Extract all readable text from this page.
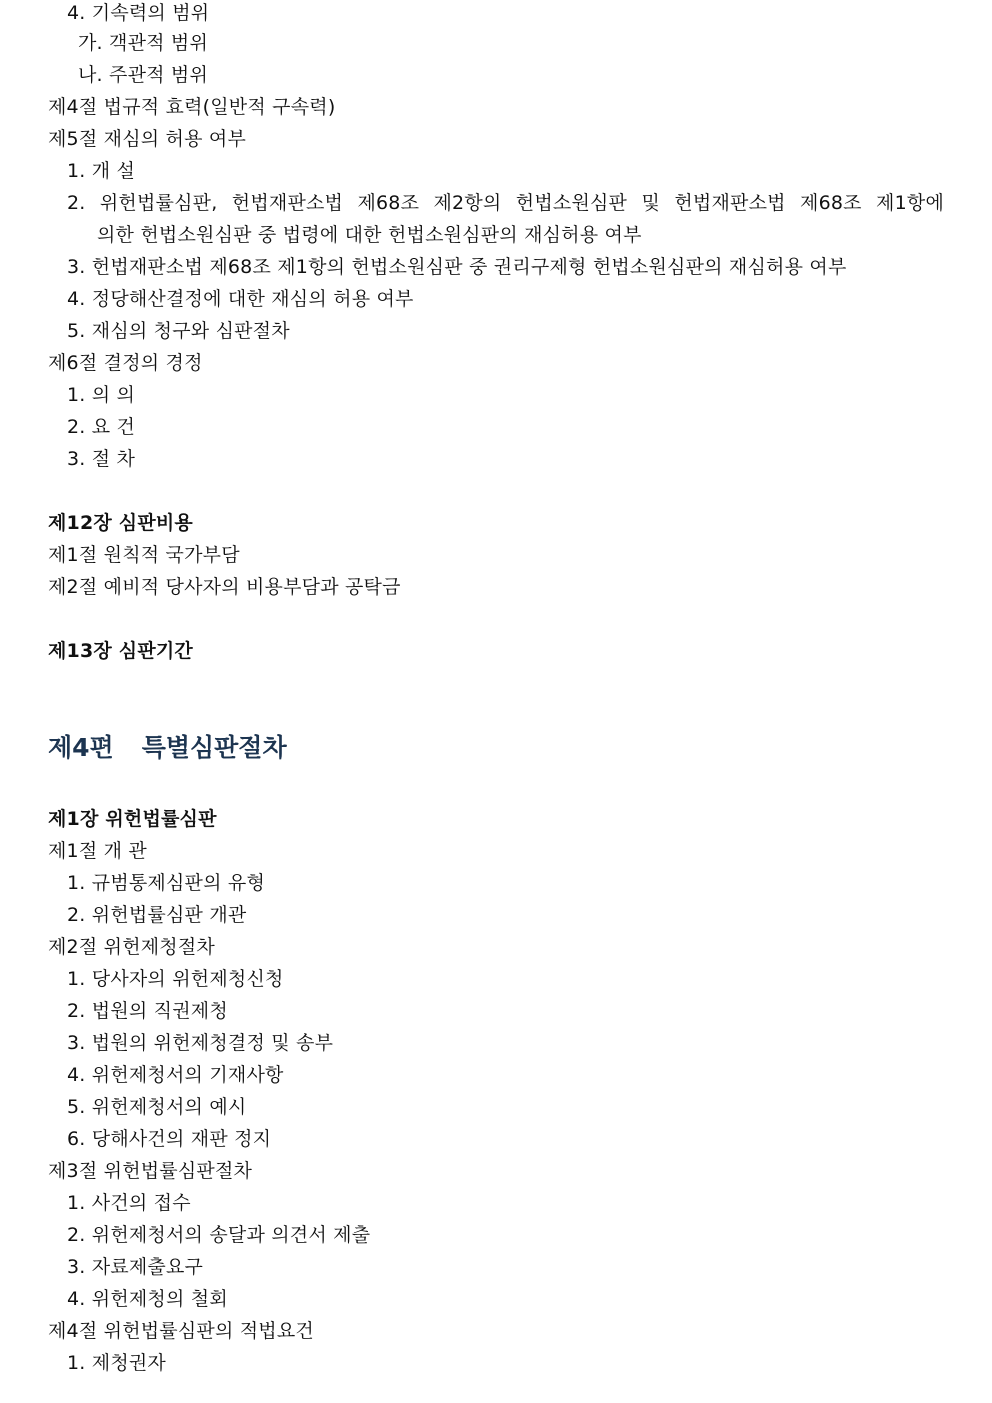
4. 기속력의 범위
가. 객관적 범위
나. 주관적 범위
제4절 법규적 효력(일반적 구속력)
제5절 재심의 허용 여부
1. 개 설
2. 위헌법률심판, 헌법재판소법 제68조 제2항의 헌법소원심판 및 헌법재판소법 제68조 제1항에
의한 헌법소원심판 중 법령에 대한 헌법소원심판의 재심허용 여부
3. 헌법재판소법 제68조 제1항의 헌법소원심판 중 권리구제형 헌법소원심판의 재심허용 여부
4. 정당해산결정에 대한 재심의 허용 여부
5. 재심의 청구와 심판절차
제6절 결정의 경정
1. 의 의
2. 요 건
3. 절 차
제12장 심판비용
제1절 원칙적 국가부담
제2절 예비적 당사자의 비용부담과 공탁금
제13장 심판기간
제1장 위헌법률심판
제1절 개 관
1. 규범통제심판의 유형
2. 위헌법률심판 개관
제2절 위헌제청절차
1. 당사자의 위헌제청신청
2. 법원의 직권제청
3. 법원의 위헌제청결정 및 송부
4. 위헌제청서의 기재사항
5. 위헌제청서의 예시
6. 당해사건의 재판 정지
제3절 위헌법률심판절차
1. 사건의 접수
2. 위헌제청서의 송달과 의견서 제출
3. 자료제출요구
4. 위헌제청의 철회
제4절 위헌법률심판의 적법요건
1. 제청권자
제4편 특별심판절차
